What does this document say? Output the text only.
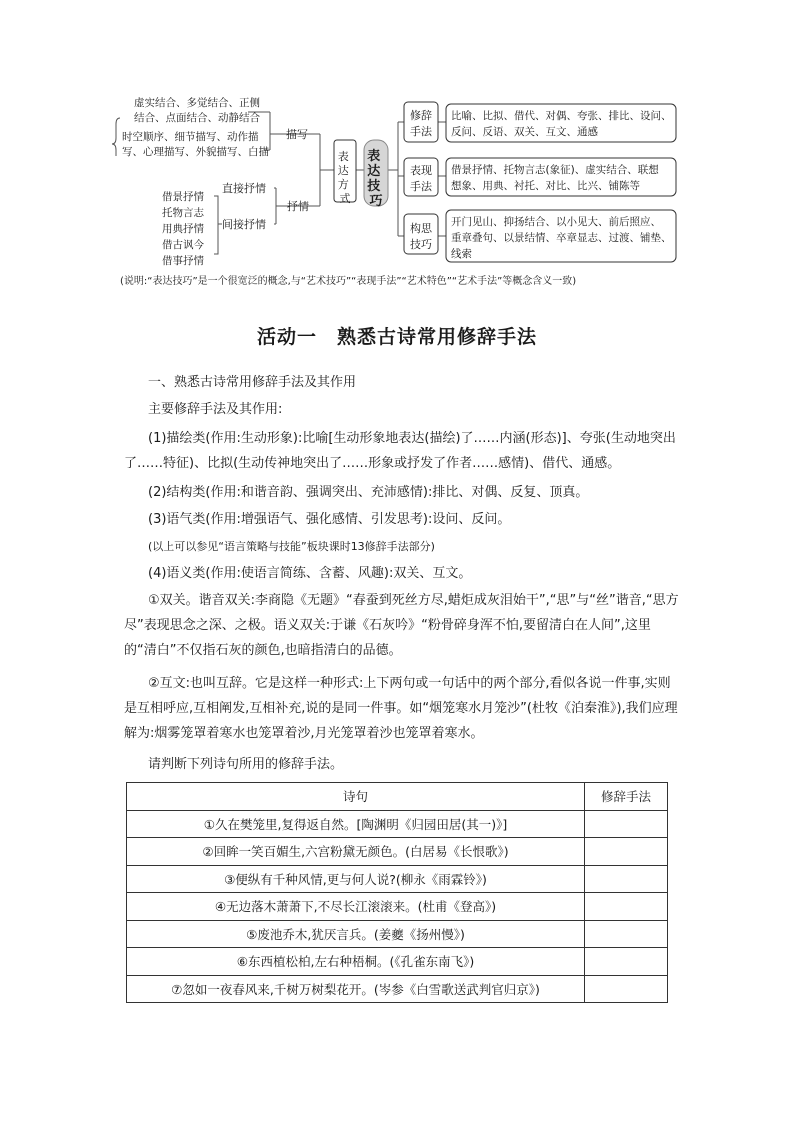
表 达 技 巧
表 达 方 式
描写
抒情
直接抒情
间接抒情
虚实结合、多觉结合、正侧
结合、点面结合、动静结合
时空顺序、细节描写、动作描
写、心理描写、外貌描写、白描
借景抒情
托物言志
用典抒情
借古讽今
借事抒情
修辞
手法
表现
手法
构思
技巧
比喻、比拟、借代、对偶、夸张、排比、设问、
反问、反语、双关、互文、通感
借景抒情、托物言志(象征)、虚实结合、联想
想象、用典、衬托、对比、比兴、铺陈等
开门见山、抑扬结合、以小见大、前后照应、
重章叠句、以景结情、卒章显志、过渡、铺垫、
线索
(说明:“表达技巧”是一个很宽泛的概念,与“艺术技巧”“表现手法”“艺术特色”“艺术手法”等概念含义一致)
活动一　熟悉古诗常用修辞手法

一、熟悉古诗常用修辞手法及其作用

主要修辞手法及其作用:

(1)描绘类(作用:生动形象):比喻[生动形象地表达(描绘)了……内涵(形态)]、夸张(生动地突出了……特征)、比拟(生动传神地突出了……形象或抒发了作者……感情)、借代、通感。

(2)结构类(作用:和谐音韵、强调突出、充沛感情):排比、对偶、反复、顶真。

(3)语气类(作用:增强语气、强化感情、引发思考):设问、反问。

(以上可以参见“语言策略与技能”板块课时13修辞手法部分)

(4)语义类(作用:使语言简练、含蓄、风趣):双关、互文。

①双关。谐音双关:李商隐《无题》“春蚕到死丝方尽,蜡炬成灰泪始干”,“思”与“丝”谐音,“思方尽”表现思念之深、之极。语义双关:于谦《石灰吟》“粉骨碎身浑不怕,要留清白在人间”,这里的“清白”不仅指石灰的颜色,也暗指清白的品德。

②互文:也叫互辞。它是这样一种形式:上下两句或一句话中的两个部分,看似各说一件事,实则是互相呼应,互相阐发,互相补充,说的是同一件事。如“烟笼寒水月笼沙”(杜牧《泊秦淮》),我们应理解为:烟雾笼罩着寒水也笼罩着沙,月光笼罩着沙也笼罩着寒水。

请判断下列诗句所用的修辞手法。

诗句	修辞手法
①久在樊笼里,复得返自然。[陶渊明《归园田居(其一)》]	
②回眸一笑百媚生,六宫粉黛无颜色。(白居易《长恨歌》)	
③便纵有千种风情,更与何人说?(柳永《雨霖铃》)	
④无边落木萧萧下,不尽长江滚滚来。(杜甫《登高》)	
⑤废池乔木,犹厌言兵。(姜夔《扬州慢》)	
⑥东西植松柏,左右种梧桐。(《孔雀东南飞》)	
⑦忽如一夜春风来,千树万树梨花开。(岑参《白雪歌送武判官归京》)	
